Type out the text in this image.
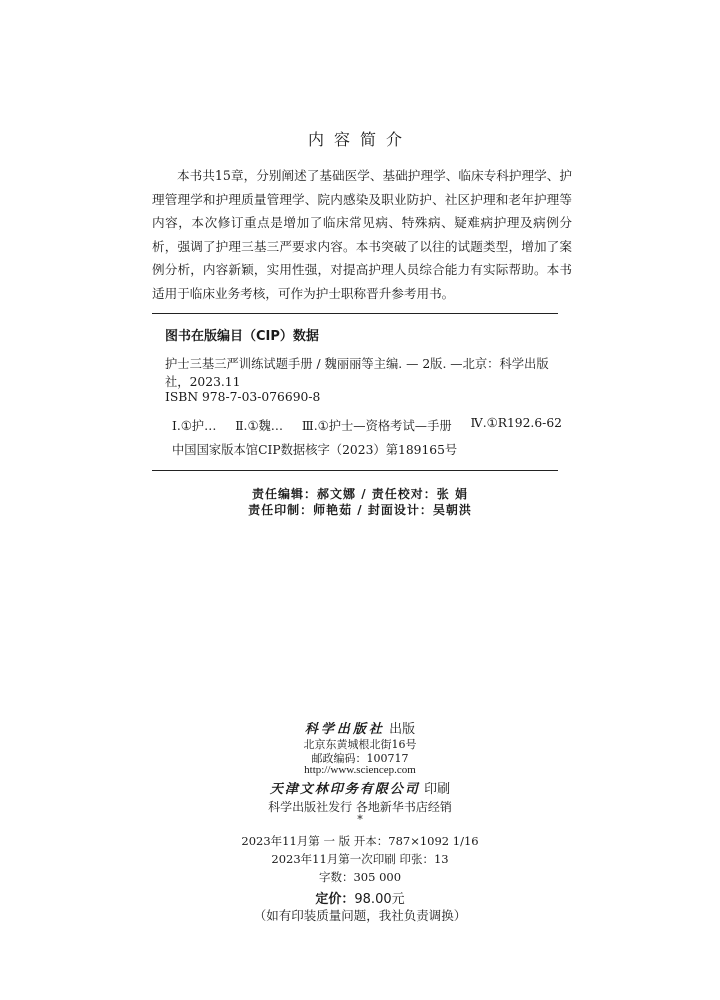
内容简介

本书共15章，分别阐述了基础医学、基础护理学、临床专科护理学、护理管理学和护理质量管理学、院内感染及职业防护、社区护理和老年护理等内容，本次修订重点是增加了临床常见病、特殊病、疑难病护理及病例分析，强调了护理三基三严要求内容。本书突破了以往的试题类型，增加了案例分析，内容新颖，实用性强，对提高护理人员综合能力有实际帮助。本书适用于临床业务考核，可作为护士职称晋升参考用书。

图书在版编目（CIP）数据
护士三基三严训练试题手册 / 魏丽丽等主编. — 2版. —北京：科学出版
社，2023.11
ISBN 978-7-03-076690-8
Ⅰ.①护… Ⅱ.①魏… Ⅲ.①护士—资格考试—手册 Ⅳ.①R192.6-62
中国国家版本馆CIP数据核字（2023）第189165号
责任编辑：郝文娜 / 责任校对：张 娟
责任印制：师艳茹 / 封面设计：吴朝洪
科学出版社 出版
北京东黄城根北街16号
邮政编码：100717
http://www.sciencep.com
天津文林印务有限公司 印刷
科学出版社发行 各地新华书店经销
*
2023年11月第 一 版 开本：787×1092 1/16
2023年11月第一次印刷 印张：13
字数：305 000
定价：98.00元
（如有印装质量问题，我社负责调换）
